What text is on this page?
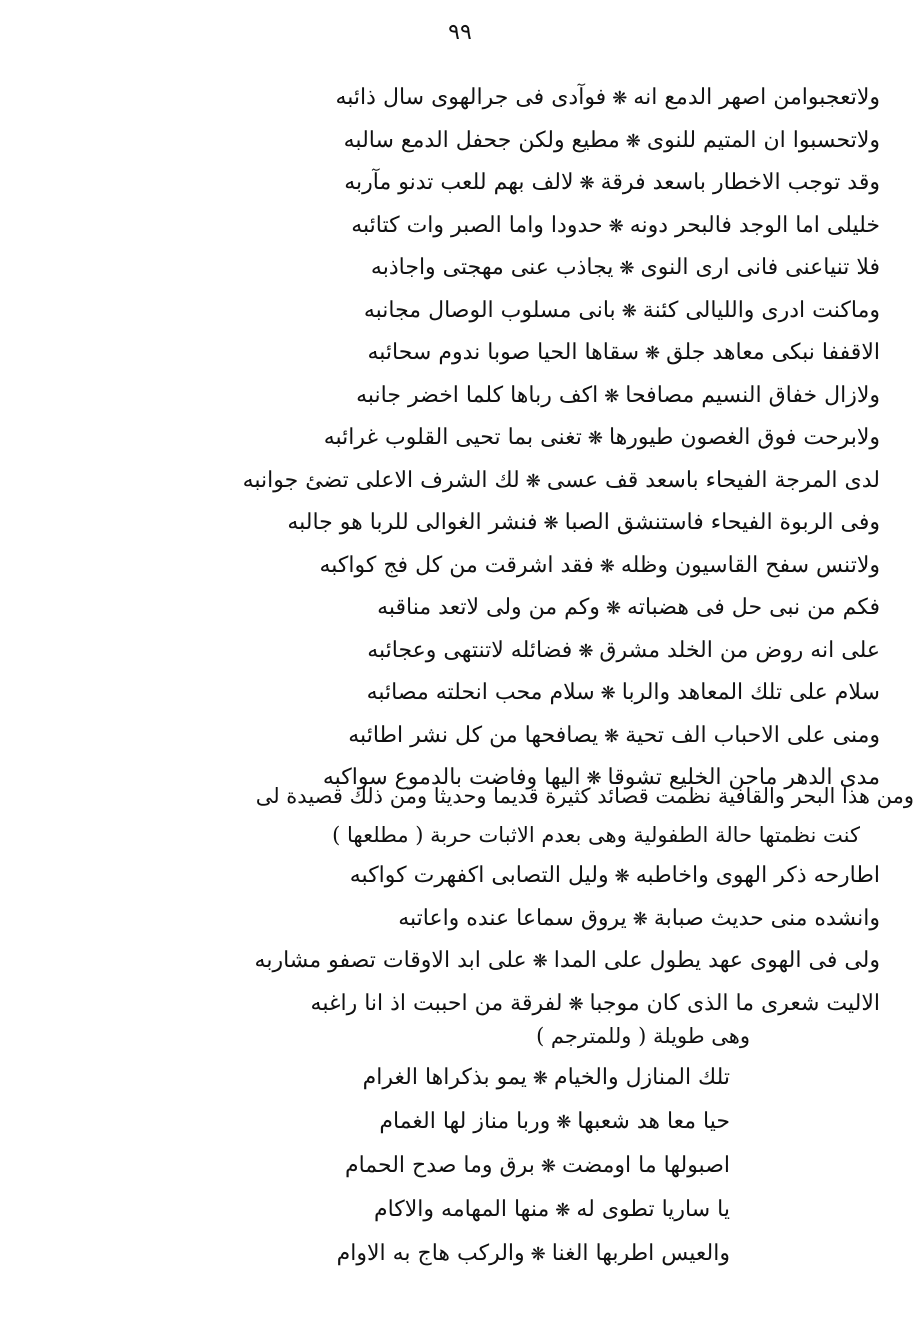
٩٩
ولاتعجبوامن اصهر الدمع انه❋فوآدى فى جرالهوى سال ذائبه
ولاتحسبوا ان المتيم للنوى❋مطيع ولكن جحفل الدمع سالبه
وقد توجب الاخطار باسعد فرقة❋لالف بهم للعب تدنو مآربه
خليلى اما الوجد فالبحر دونه❋حدودا واما الصبر وات كتائبه
فلا تنياعنى فانى ارى النوى❋يجاذب عنى مهجتى واجاذبه
وماكنت ادرى والليالى كئنة❋بانى مسلوب الوصال مجانبه
الاقففا نبكى معاهد جلق❋سقاها الحيا صوبا ندوم سحائبه
ولازال خفاق النسيم مصافحا❋اكف رباها كلما اخضر جانبه
ولابرحت فوق الغصون طيورها❋تغنى بما تحيى القلوب غرائبه
لدى المرجة الفيحاء باسعد قف عسى❋لك الشرف الاعلى تضئ جوانبه
وفى الربوة الفيحاء فاستنشق الصبا❋فنشر الغوالى للربا هو جالبه
ولاتنس سفح القاسيون وظله❋فقد اشرقت من كل فج كواكبه
فكم من نبى حل فى هضباته❋وكم من ولى لاتعد مناقبه
على انه روض من الخلد مشرق❋فضائله لاتنتهى وعجائبه
سلام على تلك المعاهد والربا❋سلام محب انحلته مصائبه
ومنى على الاحباب الف تحية❋يصافحها من كل نشر اطائبه
مدى الدهر ماحن الخليع تشوقا❋اليها وفاضت بالدموع سواكبه
ومن هذا البحر والقافية نظمت قصائد كثيرة قديما وحديثا ومن ذلك قصيدة لى
كنت نظمتها حالة الطفولية وهى بعدم الاثبات حربة ( مطلعها )
اطارحه ذكر الهوى واخاطبه❋وليل التصابى اكفهرت كواكبه
وانشده منى حديث صبابة❋يروق سماعا عنده واعاتبه
ولى فى الهوى عهد يطول على المدا❋على ابد الاوقات تصفو مشاربه
الاليت شعرى ما الذى كان موجبا❋لفرقة من احببت اذ انا راغبه
وهى طويلة ( وللمترجم )
تلك المنازل والخيام❋يمو بذكراها الغرام
حيا معا هد شعبها❋وربا مناز لها الغمام
اصبولها ما اومضت❋برق وما صدح الحمام
يا ساريا تطوى له❋منها المهامه والاكام
والعيس اطربها الغنا❋والركب هاج به الاوام
